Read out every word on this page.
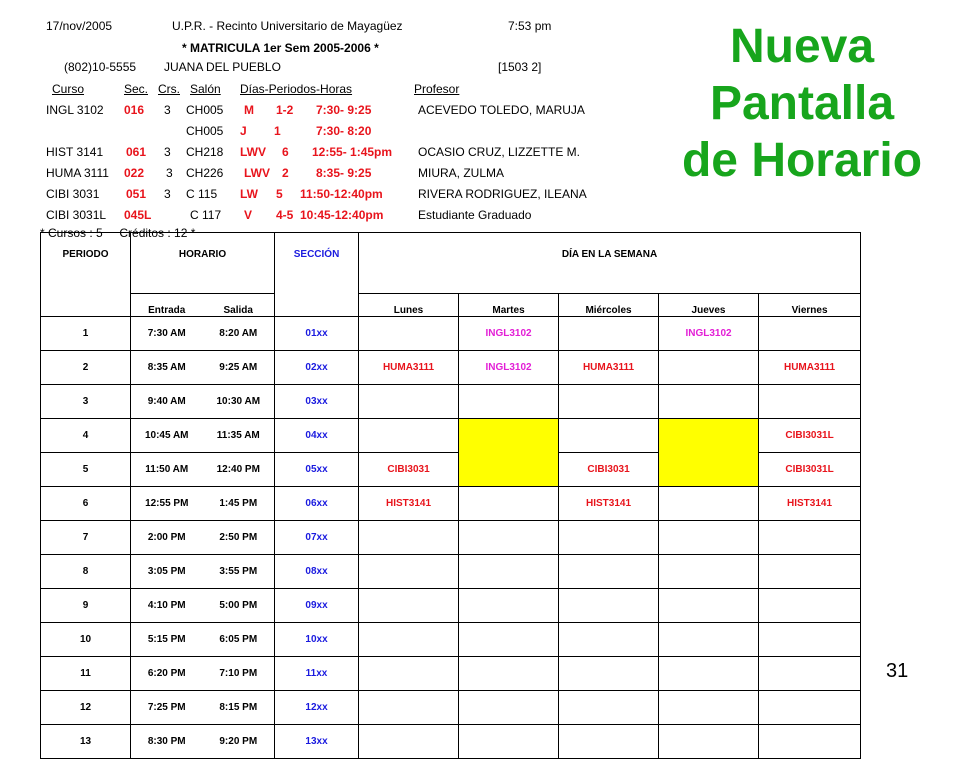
17/nov/2005	U.P.R. - Recinto Universitario de Mayagüez	7:53 pm
* MATRICULA 1er Sem 2005-2006 *
(802)10-5555 JUANA DEL PUEBLO	[1503 2]
Curso	Sec. Crs. Salón Días-Periodos-Horas	Profesor
INGL 3102 016 3 CH005 M 1-2 7:30- 9:25	ACEVEDO TOLEDO, MARUJA
CH005 J 1	7:30- 8:20
HIST 3141 061 3 CH218 LWV 6 12:55- 1:45pm OCASIO CRUZ, LIZZETTE M.
HUMA 3111 022 3 CH226 LWV 2 8:35- 9:25	MIURA, ZULMA
CIBI 3031 051 3 C 115 LW 5 11:50-12:40pm	RIVERA RODRIGUEZ, ILEANA
CIBI 3031L 045L	C 117 V 4-5 10:45-12:40pm	Estudiante Graduado
* Cursos : 5     Créditos : 12 *
Nueva
Pantalla
de Horario
PERIODO	HORARIO		SECCIÓN	DÍA EN LA SEMANA				
	Entrada	Salida		Lunes	Martes	Miércoles	Jueves	Viernes
1	7:30 AM	8:20 AM	01xx		INGL3102		INGL3102	
2	8:35 AM	9:25 AM	02xx	HUMA3111	INGL3102	HUMA3111		HUMA3111
3	9:40 AM	10:30 AM	03xx					
4	10:45 AM	11:35 AM	04xx					CIBI3031L
5	11:50 AM	12:40 PM	05xx	CIBI3031		CIBI3031		CIBI3031L
6	12:55 PM	1:45 PM	06xx	HIST3141		HIST3141		HIST3141
7	2:00 PM	2:50 PM	07xx					
8	3:05 PM	3:55 PM	08xx					
9	4:10 PM	5:00 PM	09xx					
10	5:15 PM	6:05 PM	10xx					
11	6:20 PM	7:10 PM	11xx					
12	7:25 PM	8:15 PM	12xx					
13	8:30 PM	9:20 PM	13xx					
31
